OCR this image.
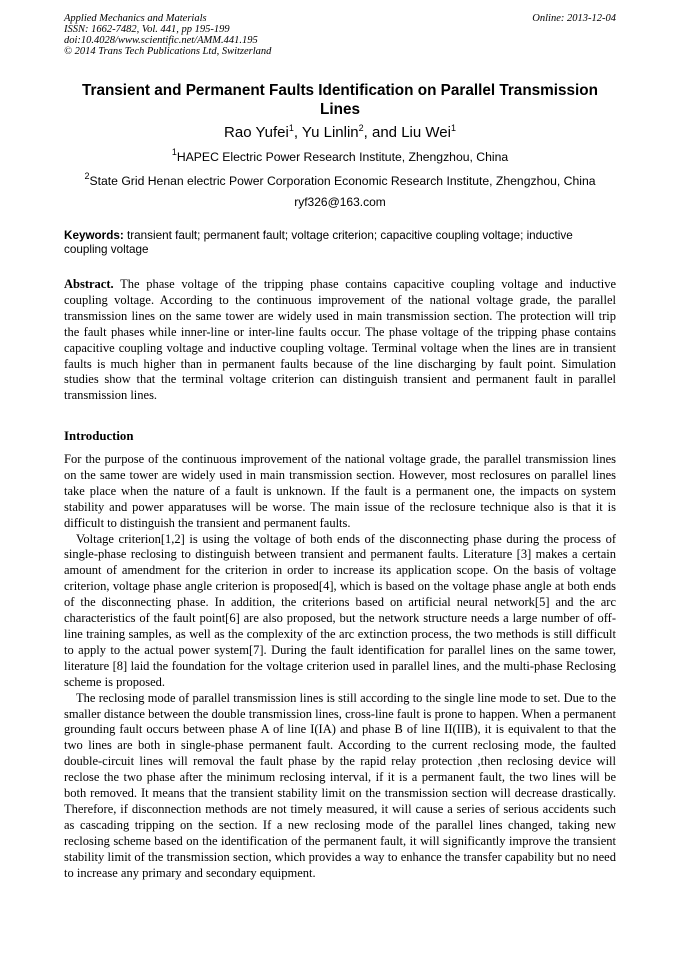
Applied Mechanics and Materials
ISSN: 1662-7482, Vol. 441, pp 195-199
doi:10.4028/www.scientific.net/AMM.441.195
© 2014 Trans Tech Publications Ltd, Switzerland
Online: 2013-12-04
Transient and Permanent Faults Identification on Parallel Transmission Lines
Rao Yufei$^1$, Yu Linlin$^2$, and Liu Wei$^1$
$^1$HAPEC Electric Power Research Institute, Zhengzhou, China
$^2$State Grid Henan electric Power Corporation Economic Research Institute, Zhengzhou, China
ryf326@163.com
Keywords: transient fault; permanent fault; voltage criterion; capacitive coupling voltage; inductive coupling voltage
Abstract. The phase voltage of the tripping phase contains capacitive coupling voltage and inductive coupling voltage. According to the continuous improvement of the national voltage grade, the parallel transmission lines on the same tower are widely used in main transmission section. The protection will trip the fault phases while inner-line or inter-line faults occur. The phase voltage of the tripping phase contains capacitive coupling voltage and inductive coupling voltage. Terminal voltage when the lines are in transient faults is much higher than in permanent faults because of the line discharging by fault point. Simulation studies show that the terminal voltage criterion can distinguish transient and permanent fault in parallel transmission lines.
Introduction

For the purpose of the continuous improvement of the national voltage grade, the parallel transmission lines on the same tower are widely used in main transmission section. However, most reclosures on parallel lines take place when the nature of a fault is unknown. If the fault is a permanent one, the impacts on system stability and power apparatuses will be worse. The main issue of the reclosure technique also is that it is difficult to distinguish the transient and permanent faults.

Voltage criterion[1,2] is using the voltage of both ends of the disconnecting phase during the process of single-phase reclosing to distinguish between transient and permanent faults. Literature [3] makes a certain amount of amendment for the criterion in order to increase its application scope. On the basis of voltage criterion, voltage phase angle criterion is proposed[4], which is based on the voltage phase angle at both ends of the disconnecting phase. In addition, the criterions based on artificial neural network[5] and the arc characteristics of the fault point[6] are also proposed, but the network structure needs a large number of off-line training samples, as well as the complexity of the arc extinction process, the two methods is still difficult to apply to the actual power system[7]. During the fault identification for parallel lines on the same tower, literature [8] laid the foundation for the voltage criterion used in parallel lines, and the multi-phase Reclosing scheme is proposed.

The reclosing mode of parallel transmission lines is still according to the single line mode to set. Due to the smaller distance between the double transmission lines, cross-line fault is prone to happen. When a permanent grounding fault occurs between phase A of line I(IA) and phase B of line II(IIB), it is equivalent to that the two lines are both in single-phase permanent fault. According to the current reclosing mode, the faulted double-circuit lines will removal the fault phase by the rapid relay protection ,then reclosing device will reclose the two phase after the minimum reclosing interval, if it is a permanent fault, the two lines will be both removed. It means that the transient stability limit on the transmission section will decrease drastically. Therefore, if disconnection methods are not timely measured, it will cause a series of serious accidents such as cascading tripping on the section. If a new reclosing mode of the parallel lines changed, taking new reclosing scheme based on the identification of the permanent fault, it will significantly improve the transient stability limit of the transmission section, which provides a way to enhance the transfer capability but no need to increase any primary and secondary equipment.
